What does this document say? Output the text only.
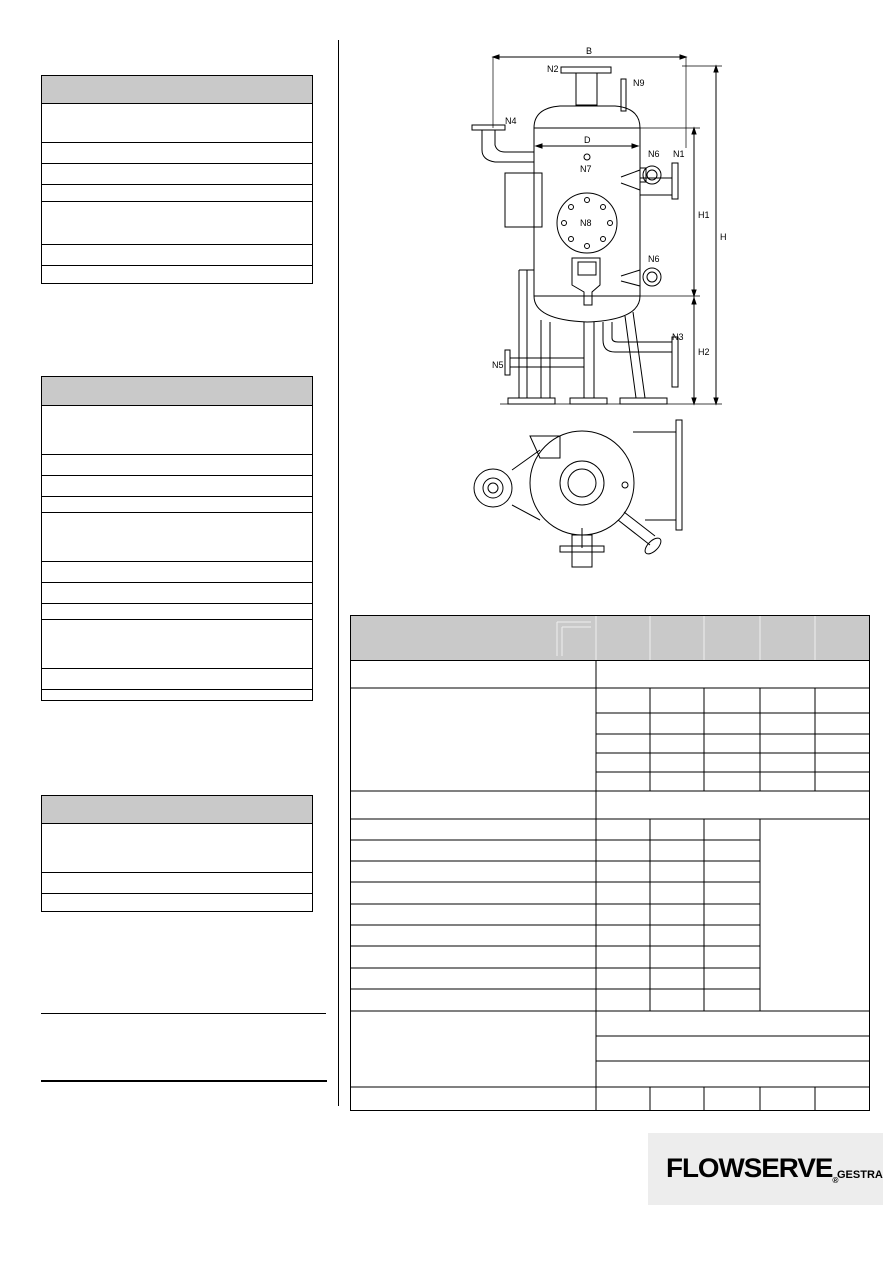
B
N2
N9
N4
D
N6 N1
N7
H1
H
N8
N6
N3
H2
N5
FLOWSERVE® GESTRA
